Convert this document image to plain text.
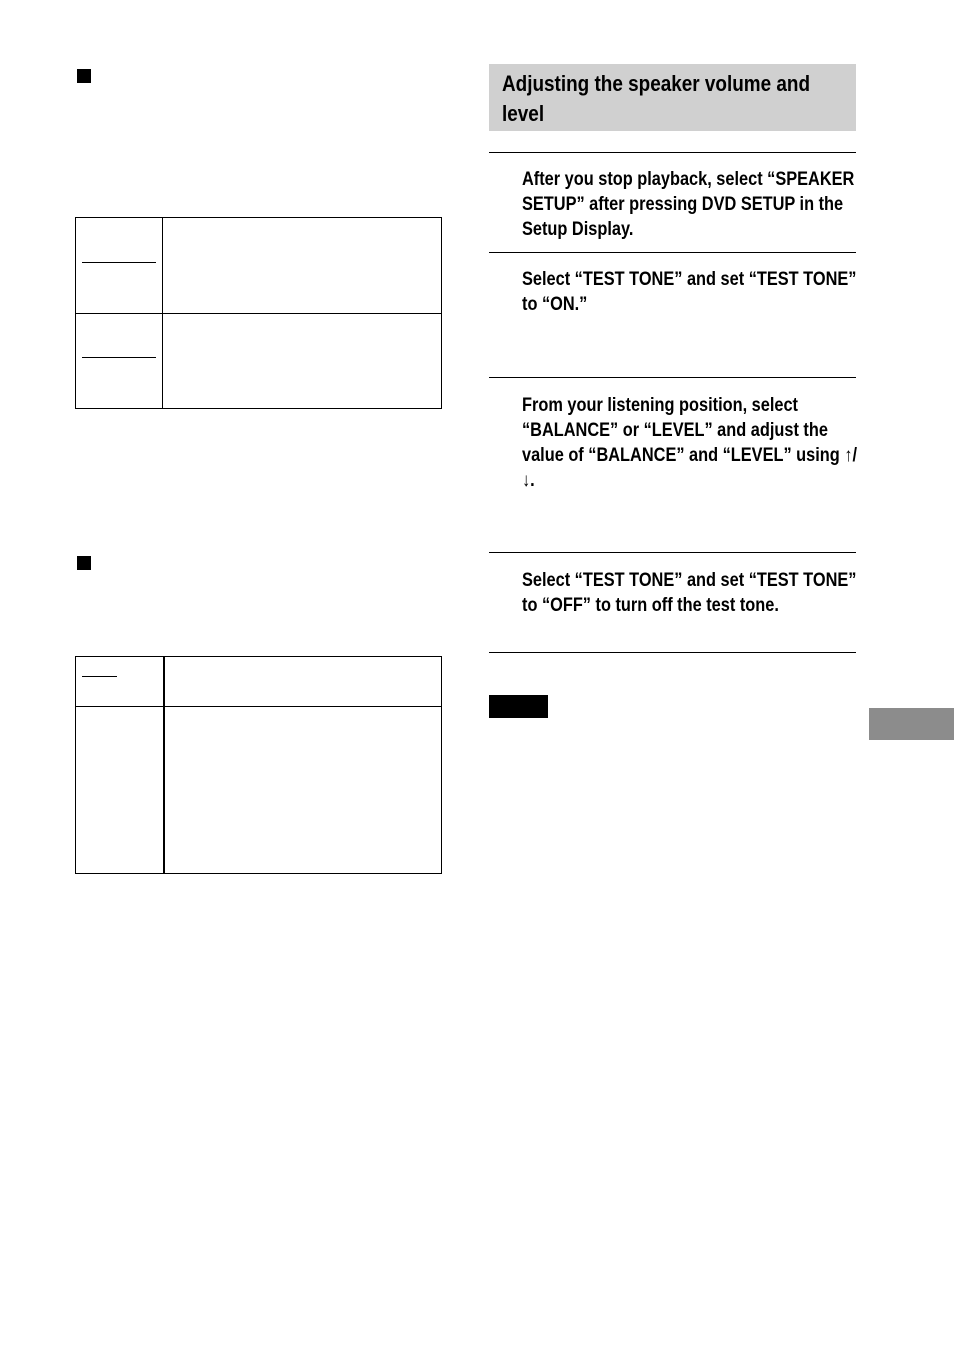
Adjusting the speaker volume and level
After you stop playback, select “SPEAKER SETUP” after pressing DVD SETUP in the Setup Display.
Select “TEST TONE” and set “TEST TONE” to “ON.”
From your listening position, select “BALANCE” or “LEVEL” and adjust the value of “BALANCE” and “LEVEL” using ↑/↓.
Select “TEST TONE” and set “TEST TONE” to “OFF” to turn off the test tone.
